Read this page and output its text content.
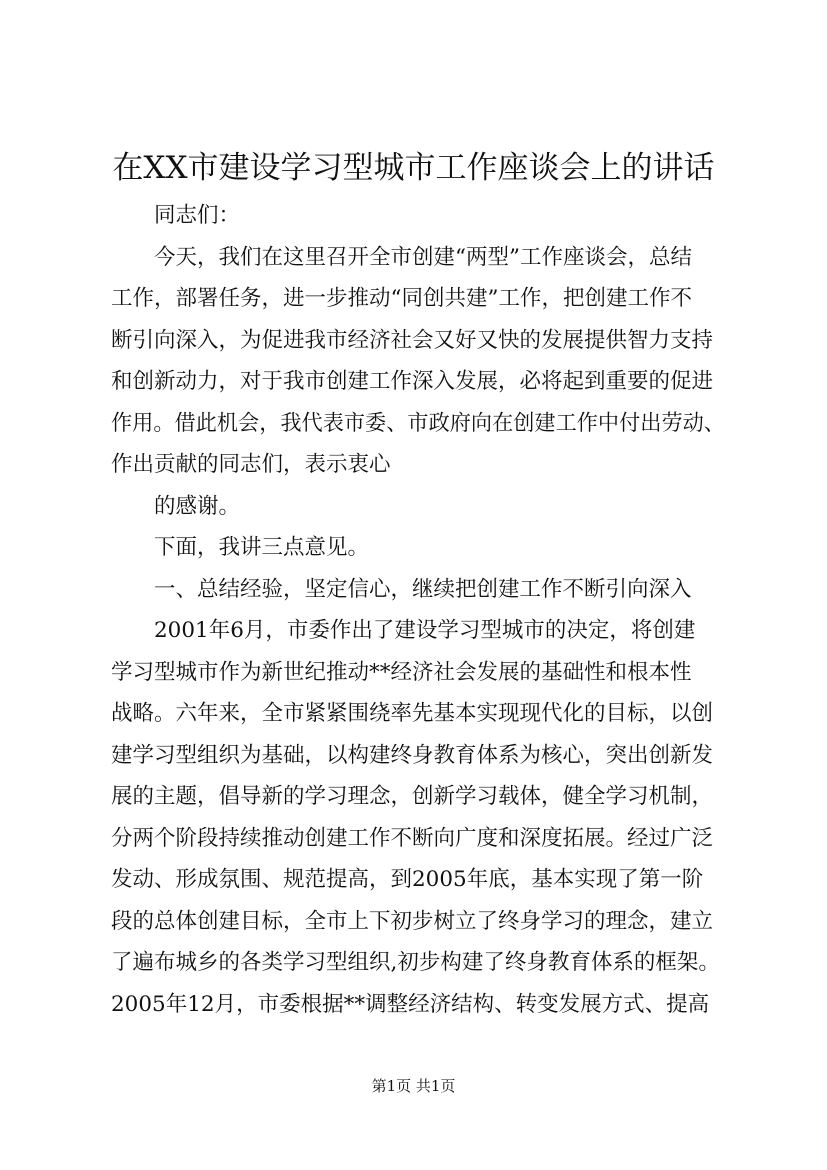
在XX市建设学习型城市工作座谈会上的讲话
同志们：
今天，我们在这里召开全市创建“两型”工作座谈会，总结
工作，部署任务，进一步推动“同创共建”工作，把创建工作不
断引向深入，为促进我市经济社会又好又快的发展提供智力支持
和创新动力，对于我市创建工作深入发展，必将起到重要的促进
作用。借此机会，我代表市委、市政府向在创建工作中付出劳动、
作出贡献的同志们，表示衷心
的感谢。
下面，我讲三点意见。
一、总结经验，坚定信心，继续把创建工作不断引向深入
2001年6月，市委作出了建设学习型城市的决定，将创建
学习型城市作为新世纪推动**经济社会发展的基础性和根本性
战略。六年来，全市紧紧围绕率先基本实现现代化的目标，以创
建学习型组织为基础，以构建终身教育体系为核心，突出创新发
展的主题，倡导新的学习理念，创新学习载体，健全学习机制，
分两个阶段持续推动创建工作不断向广度和深度拓展。经过广泛
发动、形成氛围、规范提高，到2005年底，基本实现了第一阶
段的总体创建目标，全市上下初步树立了终身学习的理念，建立
了遍布城乡的各类学习型组织,初步构建了终身教育体系的框架。
2005年12月，市委根据**调整经济结构、转变发展方式、提高
第1页 共1页
